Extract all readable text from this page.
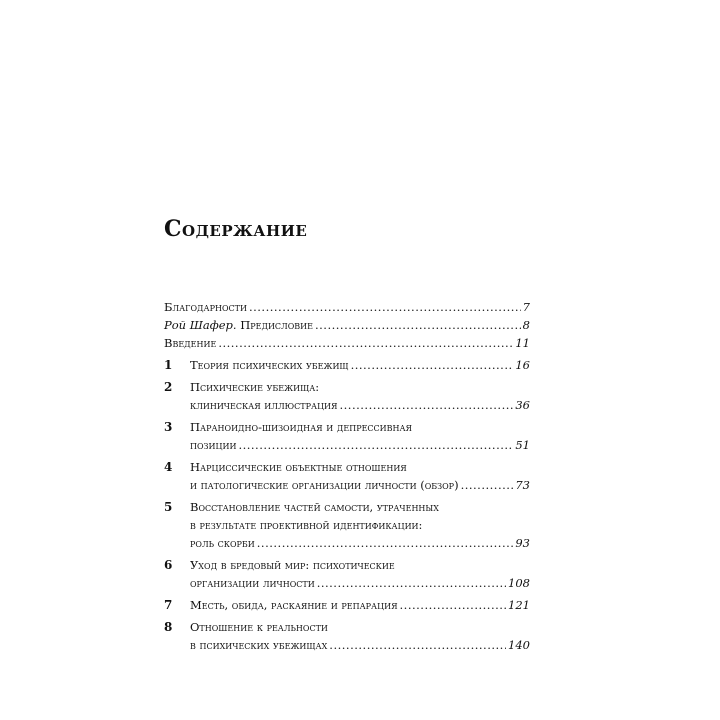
Содержание
Благодарности .....	7
Рой Шафер.
Предисловие .....	8
Введение .....	11
1 Теория психических убежищ .....	16
2 Психические убежища:
клиническая иллюстрация .....	36
3 Параноидно-шизоидная и депрессивная
позиции .....	51
4 Нарциссические объектные отношения
и патологические организации личности (обзор) .....	73
5 Восстановление частей самости, утраченных
в результате проективной идентификации:
роль скорби .....	93
6 Уход в бредовый мир: психотические
организации личности .....	108
7 Месть, обида, раскаяние и репарация .....	121
8 Отношение к реальности
в психических убежищах .....	140
